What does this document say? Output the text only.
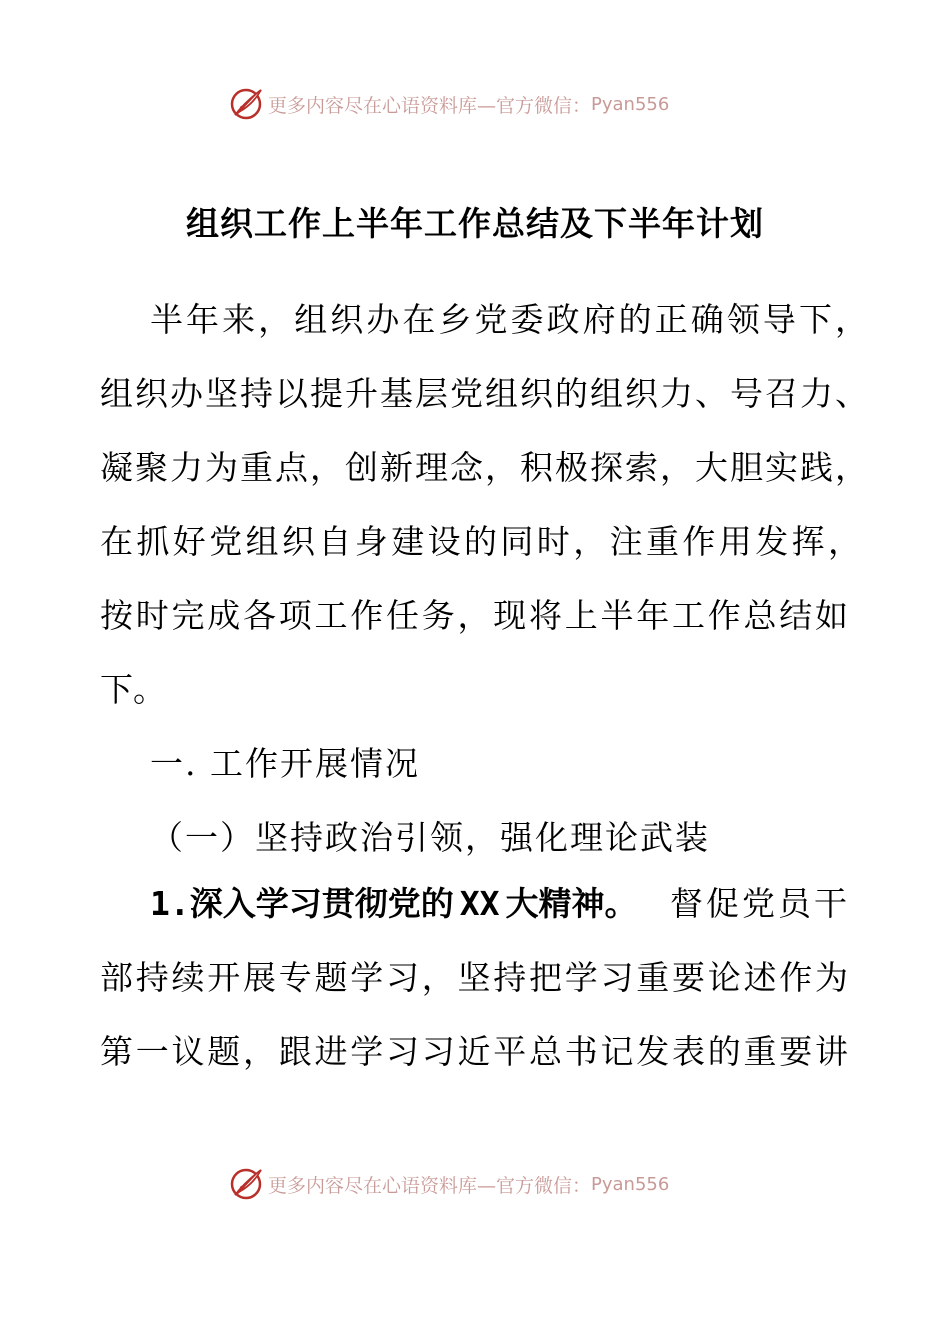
更多内容尽在心语资料库—官方微信： Pyan556
组织工作上半年工作总结及下半年计划
半年来，组织办在乡党委政府的正确领导下，
组织办坚持以提升基层党组织的组织力、号召力、
凝聚力为重点，创新理念，积极探索，大胆实践，
在抓好党组织自身建设的同时，注重作用发挥，
按时完成各项工作任务，现将上半年工作总结如
下。
一. 工作开展情况
（一）坚持政治引领，强化理论武装
1.深入学习贯彻党的 XX 大精神。 督促党员干
部持续开展专题学习，坚持把学习重要论述作为
第一议题，跟进学习习近平总书记发表的重要讲
更多内容尽在心语资料库—官方微信： Pyan556
